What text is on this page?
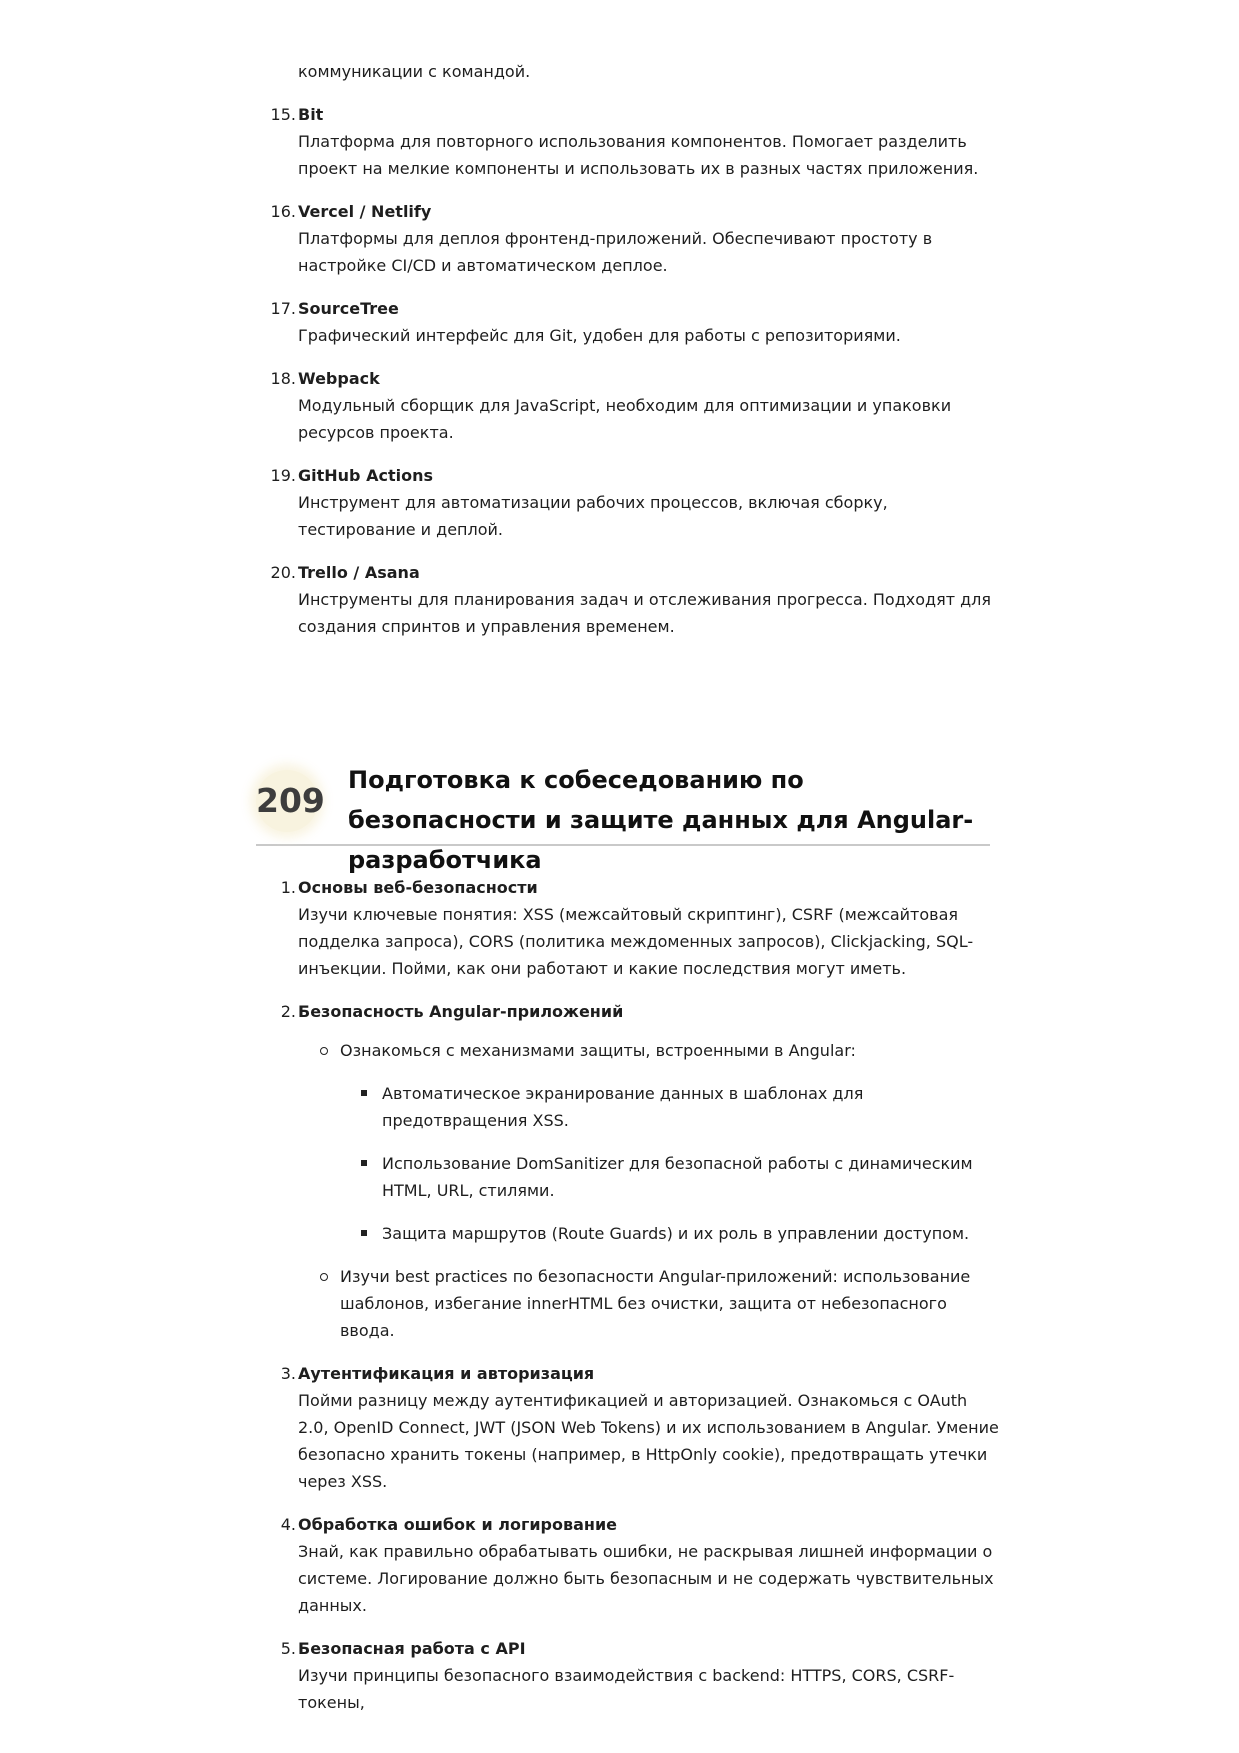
коммуникации с командой.
15. Bit
Платформа для повторного использования компонентов. Помогает разделить проект на мелкие компоненты и использовать их в разных частях приложения.
16. Vercel / Netlify
Платформы для деплоя фронтенд-приложений. Обеспечивают простоту в настройке CI/CD и автоматическом деплое.
17. SourceTree
Графический интерфейс для Git, удобен для работы с репозиториями.
18. Webpack
Модульный сборщик для JavaScript, необходим для оптимизации и упаковки ресурсов проекта.
19. GitHub Actions
Инструмент для автоматизации рабочих процессов, включая сборку, тестирование и деплой.
20. Trello / Asana
Инструменты для планирования задач и отслеживания прогресса. Подходят для создания спринтов и управления временем.
209
Подготовка к собеседованию по безопасности и защите данных для Angular-разработчика
1. Основы веб-безопасности
Изучи ключевые понятия: XSS (межсайтовый скриптинг), CSRF (межсайтовая подделка запроса), CORS (политика междоменных запросов), Clickjacking, SQL-инъекции. Пойми, как они работают и какие последствия могут иметь.
2. Безопасность Angular-приложений
Ознакомься с механизмами защиты, встроенными в Angular:
Автоматическое экранирование данных в шаблонах для предотвращения XSS.
Использование DomSanitizer для безопасной работы с динамическим HTML, URL, стилями.
Защита маршрутов (Route Guards) и их роль в управлении доступом.
Изучи best practices по безопасности Angular-приложений: использование шаблонов, избегание innerHTML без очистки, защита от небезопасного ввода.
3. Аутентификация и авторизация
Пойми разницу между аутентификацией и авторизацией. Ознакомься с OAuth 2.0, OpenID Connect, JWT (JSON Web Tokens) и их использованием в Angular. Умение безопасно хранить токены (например, в HttpOnly cookie), предотвращать утечки через XSS.
4. Обработка ошибок и логирование
Знай, как правильно обрабатывать ошибки, не раскрывая лишней информации о системе. Логирование должно быть безопасным и не содержать чувствительных данных.
5. Безопасная работа с API
Изучи принципы безопасного взаимодействия с backend: HTTPS, CORS, CSRF-токены,
